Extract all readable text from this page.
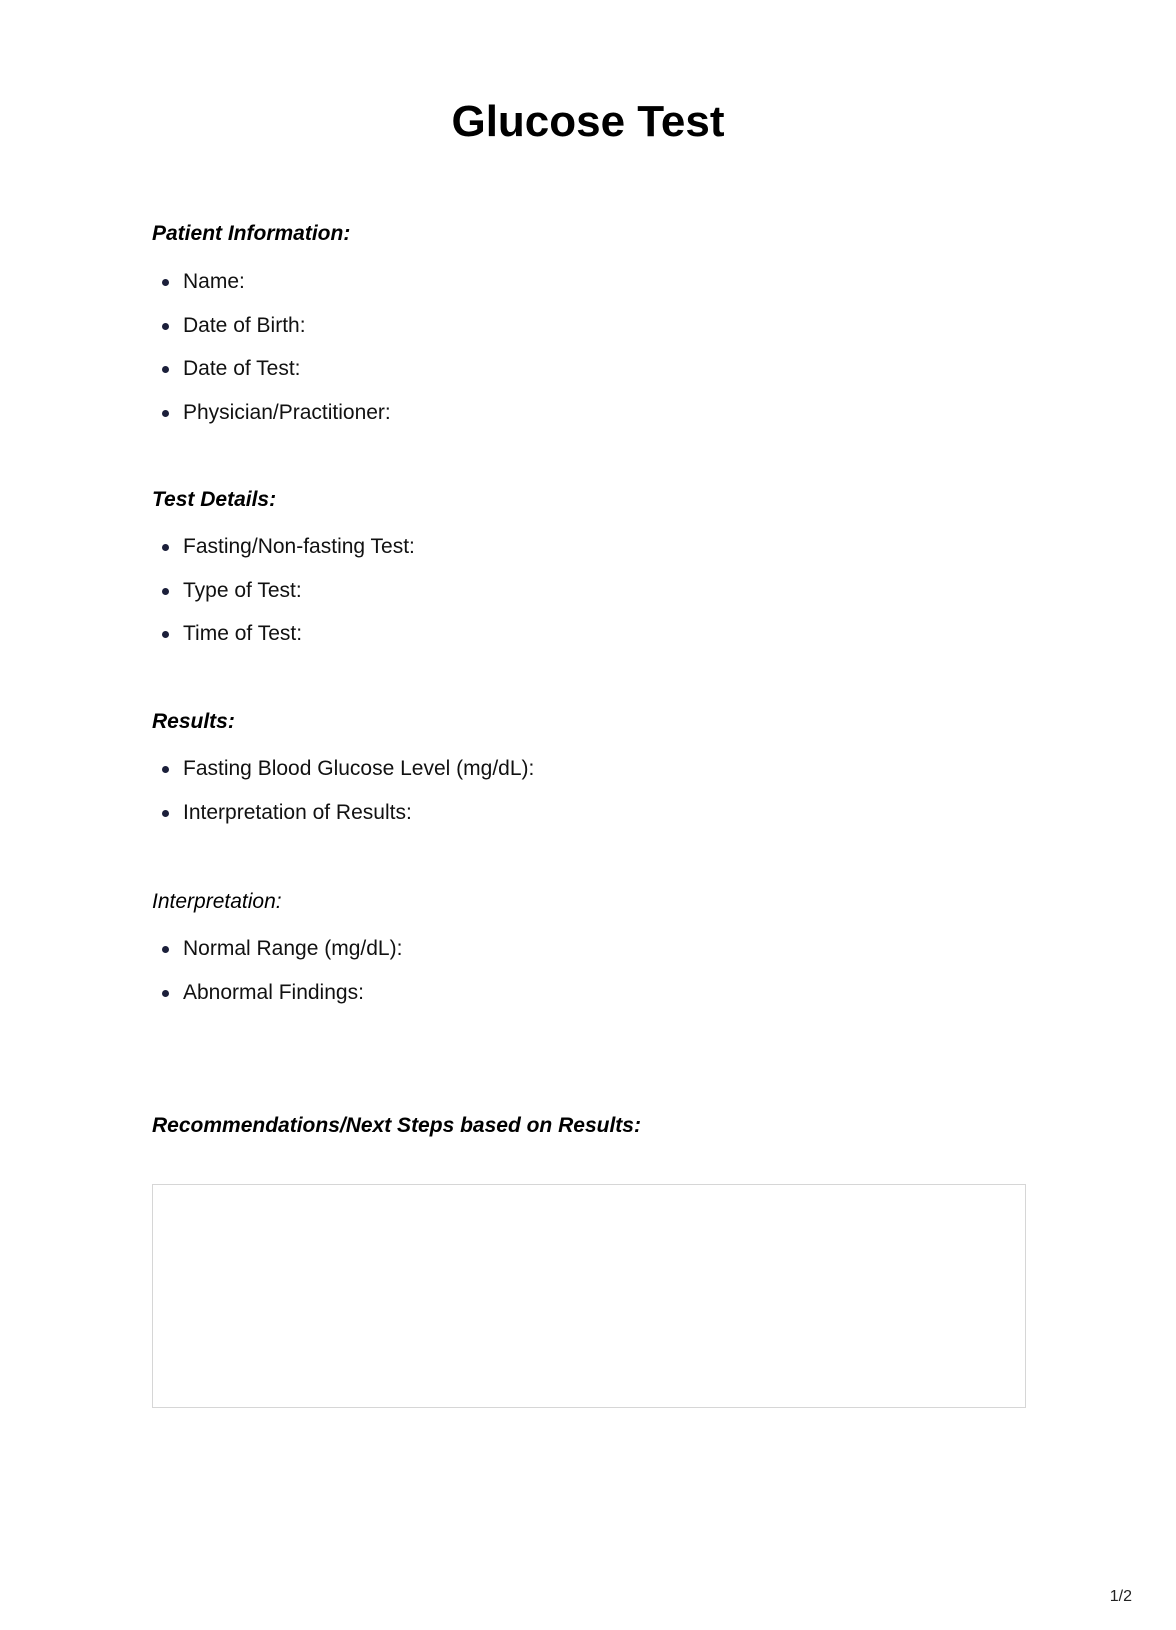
Glucose Test
Patient Information:
Name:
Date of Birth:
Date of Test:
Physician/Practitioner:
Test Details:
Fasting/Non-fasting Test:
Type of Test:
Time of Test:
Results:
Fasting Blood Glucose Level (mg/dL):
Interpretation of Results:
Interpretation:
Normal Range (mg/dL):
Abnormal Findings:
Recommendations/Next Steps based on Results:
1/2
